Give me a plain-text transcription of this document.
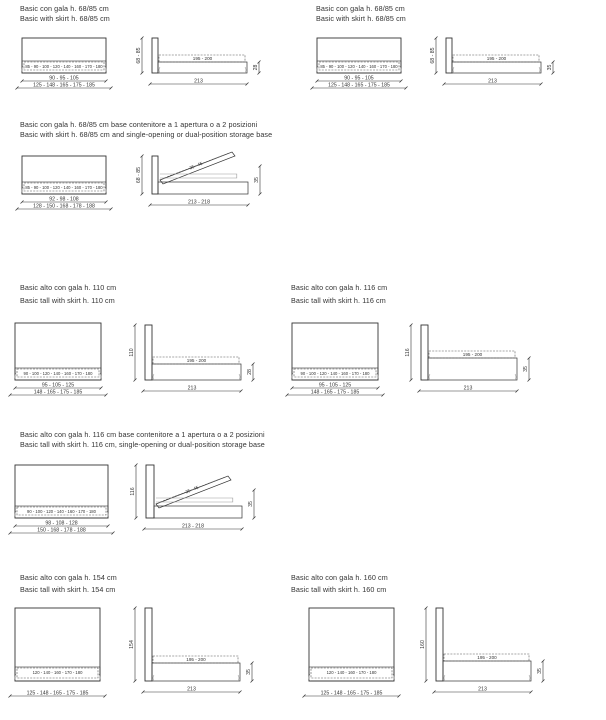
Basic con gala h. 68/85 cm
Basic with skirt h. 68/85 cm
Basic con gala h. 68/85 cm
Basic with skirt h. 68/85 cm
Basic con gala h. 68/85 cm base contenitore a 1 apertura o a 2 posizioni
Basic with skirt h. 68/85 cm and single-opening or dual-position storage base
Basic alto con gala h. 110 cm
Basic tall with skirt h. 110 cm
Basic alto con gala h. 116 cm
Basic tall with skirt h. 116 cm
Basic alto con gala h. 116 cm base contenitore a 1 apertura o a 2 posizioni
Basic tall with skirt h. 116 cm, single-opening or dual-position storage base
Basic alto con gala h. 154 cm
Basic tall with skirt h. 154 cm
Basic alto con gala h. 160 cm
Basic tall with skirt h. 160 cm
85 - 90 - 100 - 120 - 140 - 160 - 170 - 180
90 - 95 - 105
125 - 148 - 165 - 175 - 185
195 - 200
68 - 85
28
213
85 - 90 - 100 - 120 - 140 - 160 - 170 - 180
90 - 95 - 105
125 - 148 - 165 - 175 - 185
195 - 200
68 - 85
35
213
85 - 90 - 100 - 120 - 140 - 160 - 170 - 180
92 - 98 - 108
128 - 150 - 168 - 178 - 188
35 - 45
68 - 85	35
213 - 218
90 - 100 - 120 - 140 - 160 - 170 - 180
95 - 105 - 125
148 - 165 - 175 - 185
195 - 200
110
28
213
90 - 100 - 120 - 140 - 160 - 170 - 180
95 - 105 - 125
148 - 165 - 175 - 185
195 - 200
116
35
213
90 - 100 - 120 - 140 - 160 - 170 - 180
98 - 108 - 128
150 - 168 - 178 - 188
35 - 45
116
35
213 - 218
120 - 140 - 160 - 170 - 180
125 - 148 - 165 - 175 - 185
195 - 200
154
35
213
120 - 140 - 160 - 170 - 180
125 - 148 - 165 - 175 - 185
195 - 200
160
35
213
